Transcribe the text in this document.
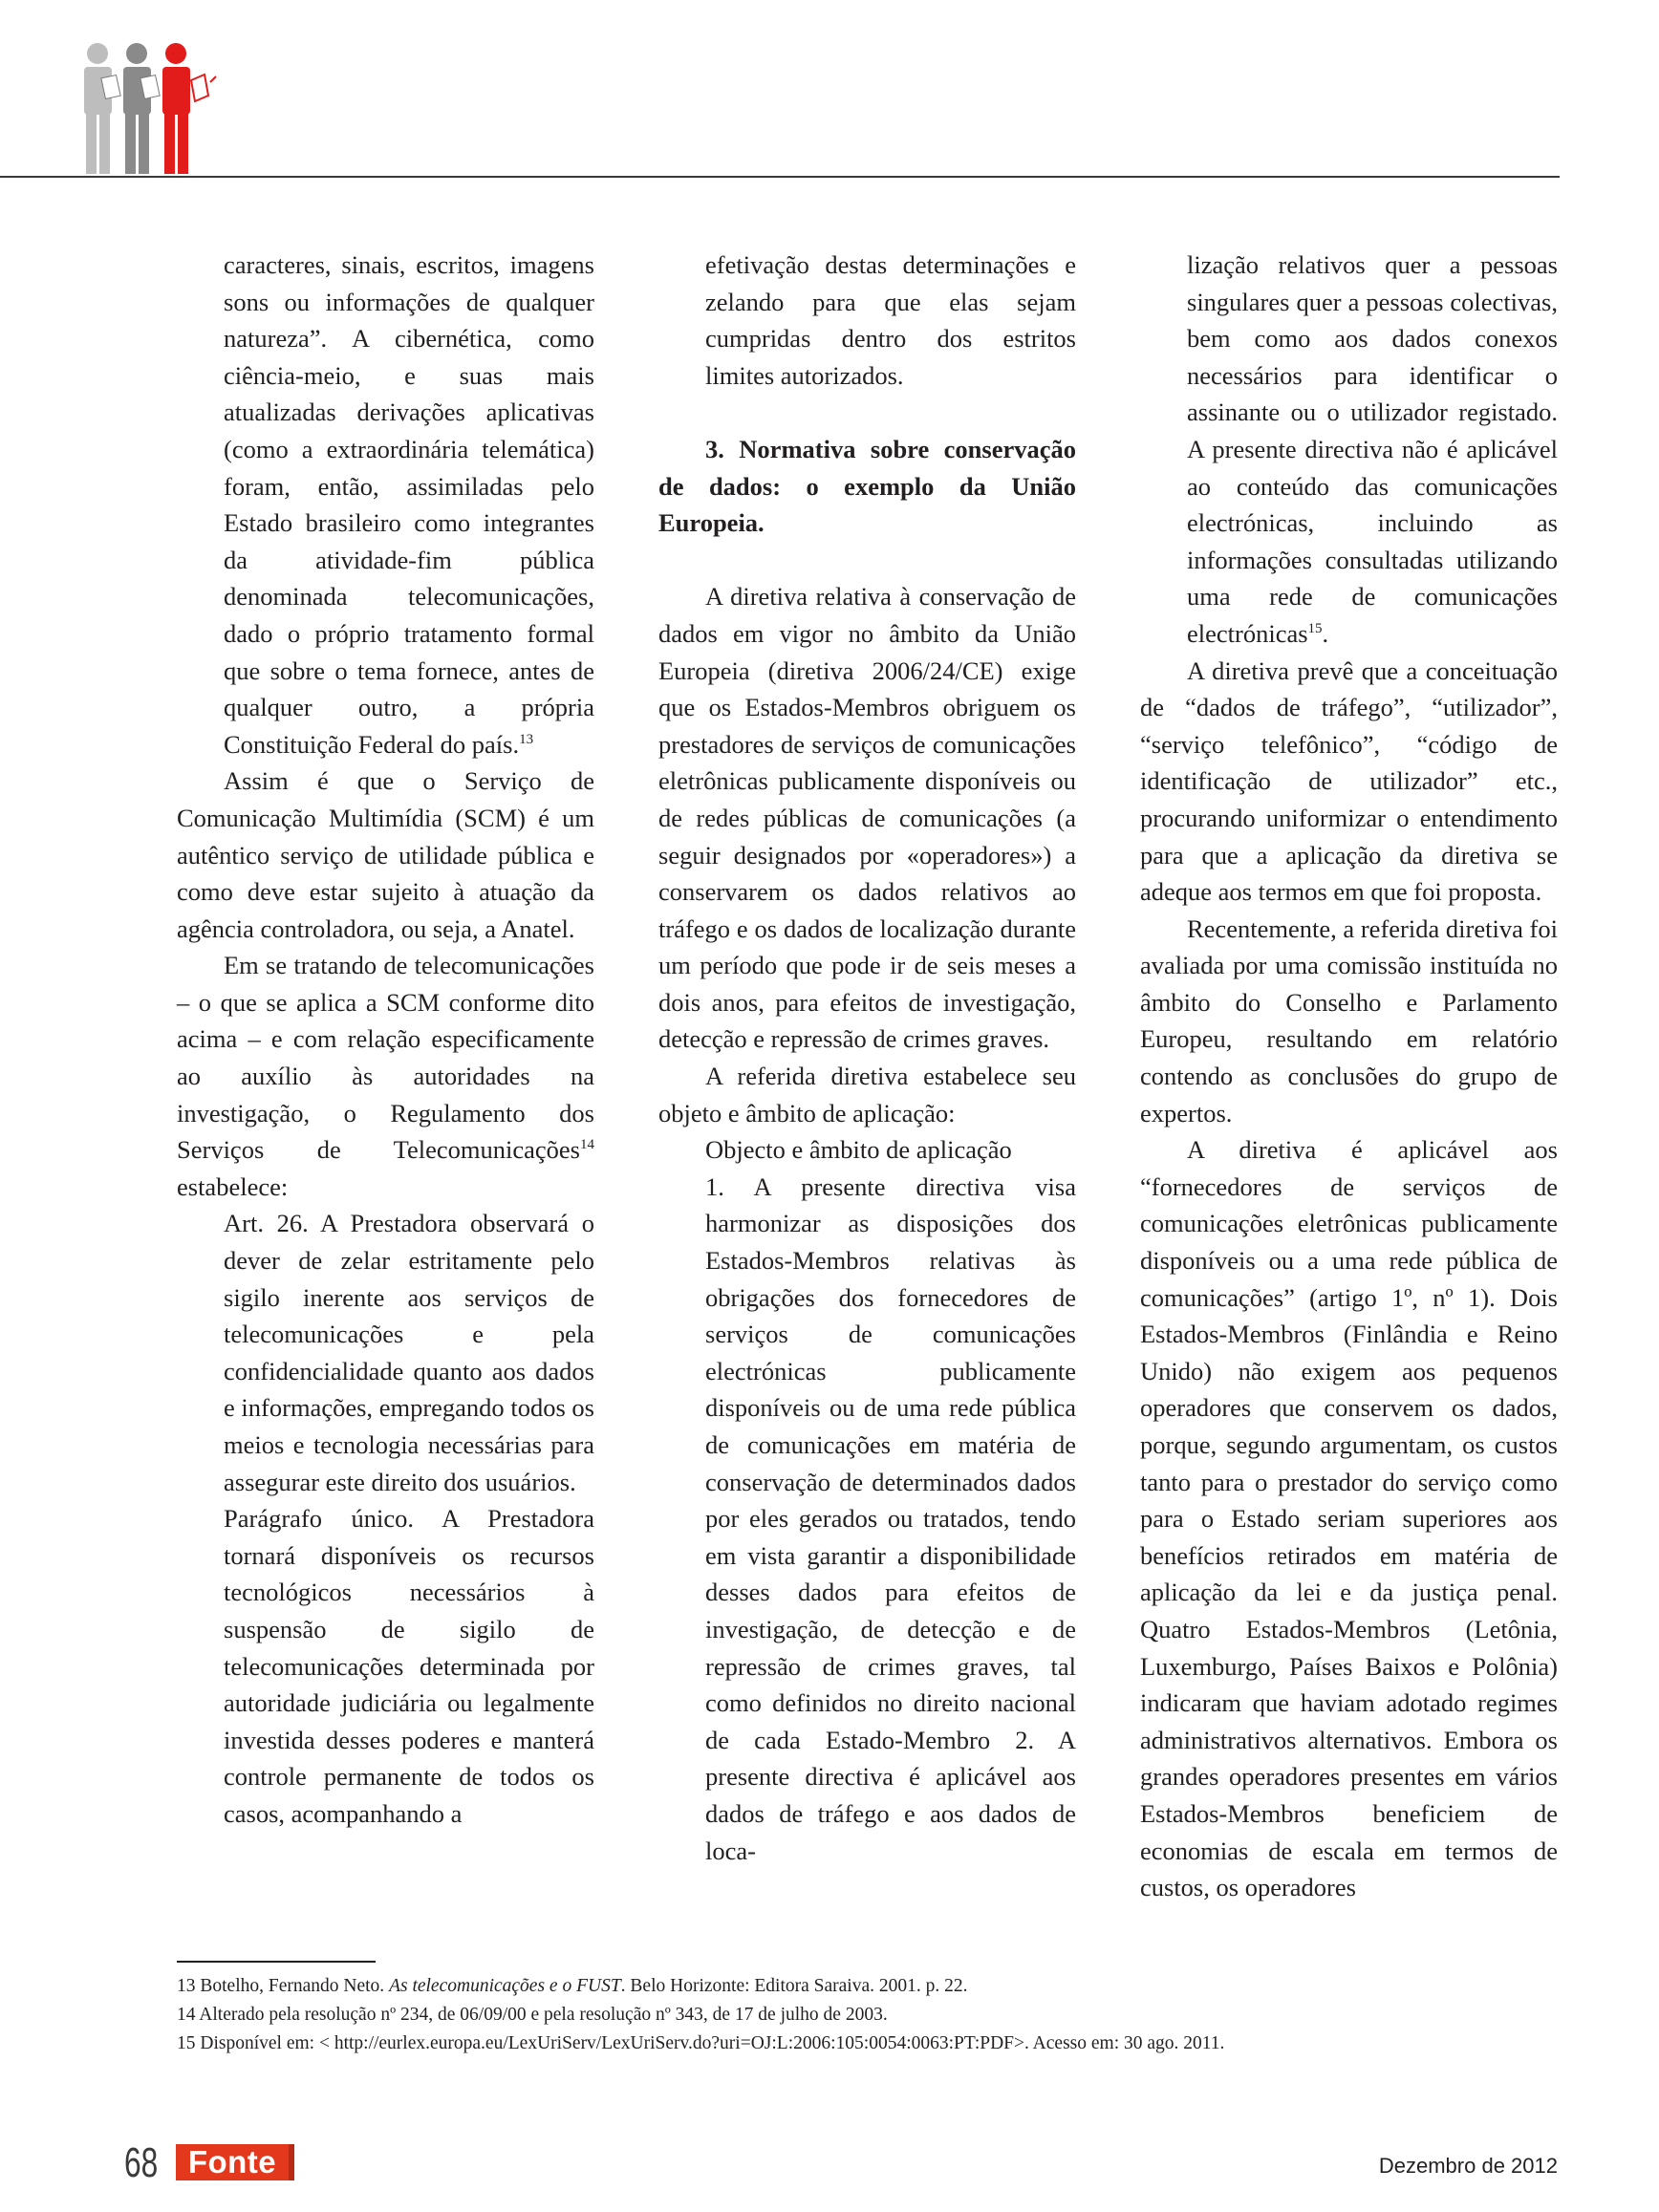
caracteres, sinais, escritos, imagens sons ou informações de qualquer natureza”. A cibernética, como ciência-meio, e suas mais atualizadas derivações aplicativas (como a extraordinária telemática) foram, então, assimiladas pelo Estado brasileiro como integrantes da atividade-fim pública denominada telecomunicações, dado o próprio tratamento formal que sobre o tema fornece, antes de qualquer outro, a própria Constituição Federal do país.$^{13}$

Assim é que o Serviço de Comunicação Multimídia (SCM) é um autêntico serviço de utilidade pública e como deve estar sujeito à atuação da agência controladora, ou seja, a Anatel.

Em se tratando de telecomunicações – o que se aplica a SCM conforme dito acima – e com relação especificamente ao auxílio às autoridades na investigação, o Regulamento dos Serviços de Telecomunicações$^{14}$ estabelece:

Art. 26. A Prestadora observará o dever de zelar estritamente pelo sigilo inerente aos serviços de telecomunicações e pela confidencialidade quanto aos dados e informações, empregando todos os meios e tecnologia necessárias para assegurar este direito dos usuários.

Parágrafo único. A Prestadora tornará disponíveis os recursos tecnológicos necessários à suspensão de sigilo de telecomunicações determinada por autoridade judiciária ou legalmente investida desses poderes e manterá controle permanente de todos os casos, acompanhando a

efetivação destas determinações e zelando para que elas sejam cumpridas dentro dos estritos limites autorizados.

3. Normativa sobre conservação de dados: o exemplo da União Europeia.

A diretiva relativa à conservação de dados em vigor no âmbito da União Europeia (diretiva 2006/24/CE) exige que os Estados-Membros obriguem os prestadores de serviços de comunicações eletrônicas publicamente disponíveis ou de redes públicas de comunicações (a seguir designados por «operadores») a conservarem os dados relativos ao tráfego e os dados de localização durante um período que pode ir de seis meses a dois anos, para efeitos de investigação, detecção e repressão de crimes graves.

A referida diretiva estabelece seu objeto e âmbito de aplicação:

Objecto e âmbito de aplicação

1. A presente directiva visa harmonizar as disposições dos Estados-Membros relativas às obrigações dos fornecedores de serviços de comunicações electrónicas publicamente disponíveis ou de uma rede pública de comunicações em matéria de conservação de determinados dados por eles gerados ou tratados, tendo em vista garantir a disponibilidade desses dados para efeitos de investigação, de detecção e de repressão de crimes graves, tal como definidos no direito nacional de cada Estado-Membro 2. A presente directiva é aplicável aos dados de tráfego e aos dados de loca-

lização relativos quer a pessoas singulares quer a pessoas colectivas, bem como aos dados conexos necessários para identificar o assinante ou o utilizador registado. A presente directiva não é aplicável ao conteúdo das comunicações electrónicas, incluindo as informações consultadas utilizando uma rede de comunicações electrónicas$^{15}$.

A diretiva prevê que a conceituação de “dados de tráfego”, “utilizador”, “serviço telefônico”, “código de identificação de utilizador” etc., procurando uniformizar o entendimento para que a aplicação da diretiva se adeque aos termos em que foi proposta.

Recentemente, a referida diretiva foi avaliada por uma comissão instituída no âmbito do Conselho e Parlamento Europeu, resultando em relatório contendo as conclusões do grupo de expertos.

A diretiva é aplicável aos “fornecedores de serviços de comunicações eletrônicas publicamente disponíveis ou a uma rede pública de comunicações” (artigo 1º, nº 1). Dois Estados-Membros (Finlândia e Reino Unido) não exigem aos pequenos operadores que conservem os dados, porque, segundo argumentam, os custos tanto para o prestador do serviço como para o Estado seriam superiores aos benefícios retirados em matéria de aplicação da lei e da justiça penal. Quatro Estados-Membros (Letônia, Luxemburgo, Países Baixos e Polônia) indicaram que haviam adotado regimes administrativos alternativos. Embora os grandes operadores presentes em vários Estados-Membros beneficiem de economias de escala em termos de custos, os operadores

13 Botelho, Fernando Neto. As telecomunicações e o FUST. Belo Horizonte: Editora Saraiva. 2001. p. 22.
14 Alterado pela resolução nº 234, de 06/09/00 e pela resolução nº 343, de 17 de julho de 2003.
15 Disponível em: < http://eurlex.europa.eu/LexUriServ/LexUriServ.do?uri=OJ:L:2006:105:0054:0063:PT:PDF>. Acesso em: 30 ago. 2011.
68 Fonte	Dezembro de 2012
